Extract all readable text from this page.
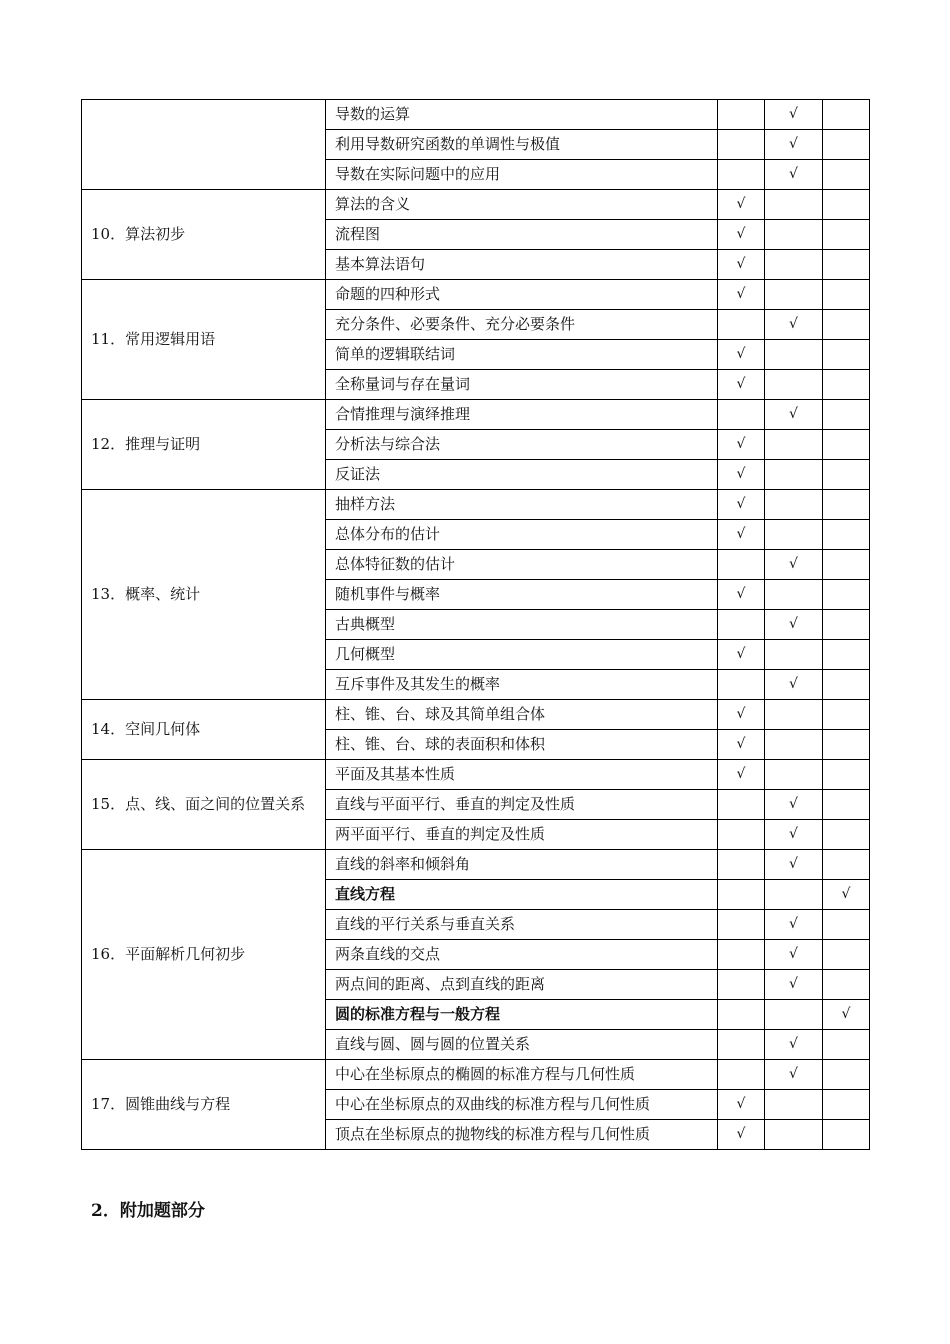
	导数的运算		√	
	利用导数研究函数的单调性与极值		√	
	导数在实际问题中的应用		√	
10．算法初步	算法的含义	√		
	流程图	√		
	基本算法语句	√		
11．常用逻辑用语	命题的四种形式	√		
	充分条件、必要条件、充分必要条件		√	
	简单的逻辑联结词	√		
	全称量词与存在量词	√		
12．推理与证明	合情推理与演绎推理		√	
	分析法与综合法	√		
	反证法	√		
13．概率、统计	抽样方法	√		
	总体分布的估计	√		
	总体特征数的估计		√	
	随机事件与概率	√		
	古典概型		√	
	几何概型	√		
	互斥事件及其发生的概率		√	
14．空间几何体	柱、锥、台、球及其简单组合体	√		
	柱、锥、台、球的表面积和体积	√		
15．点、线、面之间的位置关系	平面及其基本性质	√		
	直线与平面平行、垂直的判定及性质		√	
	两平面平行、垂直的判定及性质		√	
16．平面解析几何初步	直线的斜率和倾斜角		√	
	直线方程			√
	直线的平行关系与垂直关系		√	
	两条直线的交点		√	
	两点间的距离、点到直线的距离		√	
	圆的标准方程与一般方程			√
	直线与圆、圆与圆的位置关系		√	
17．圆锥曲线与方程	中心在坐标原点的椭圆的标准方程与几何性质		√	
	中心在坐标原点的双曲线的标准方程与几何性质	√		
	顶点在坐标原点的抛物线的标准方程与几何性质	√		
2．附加题部分
